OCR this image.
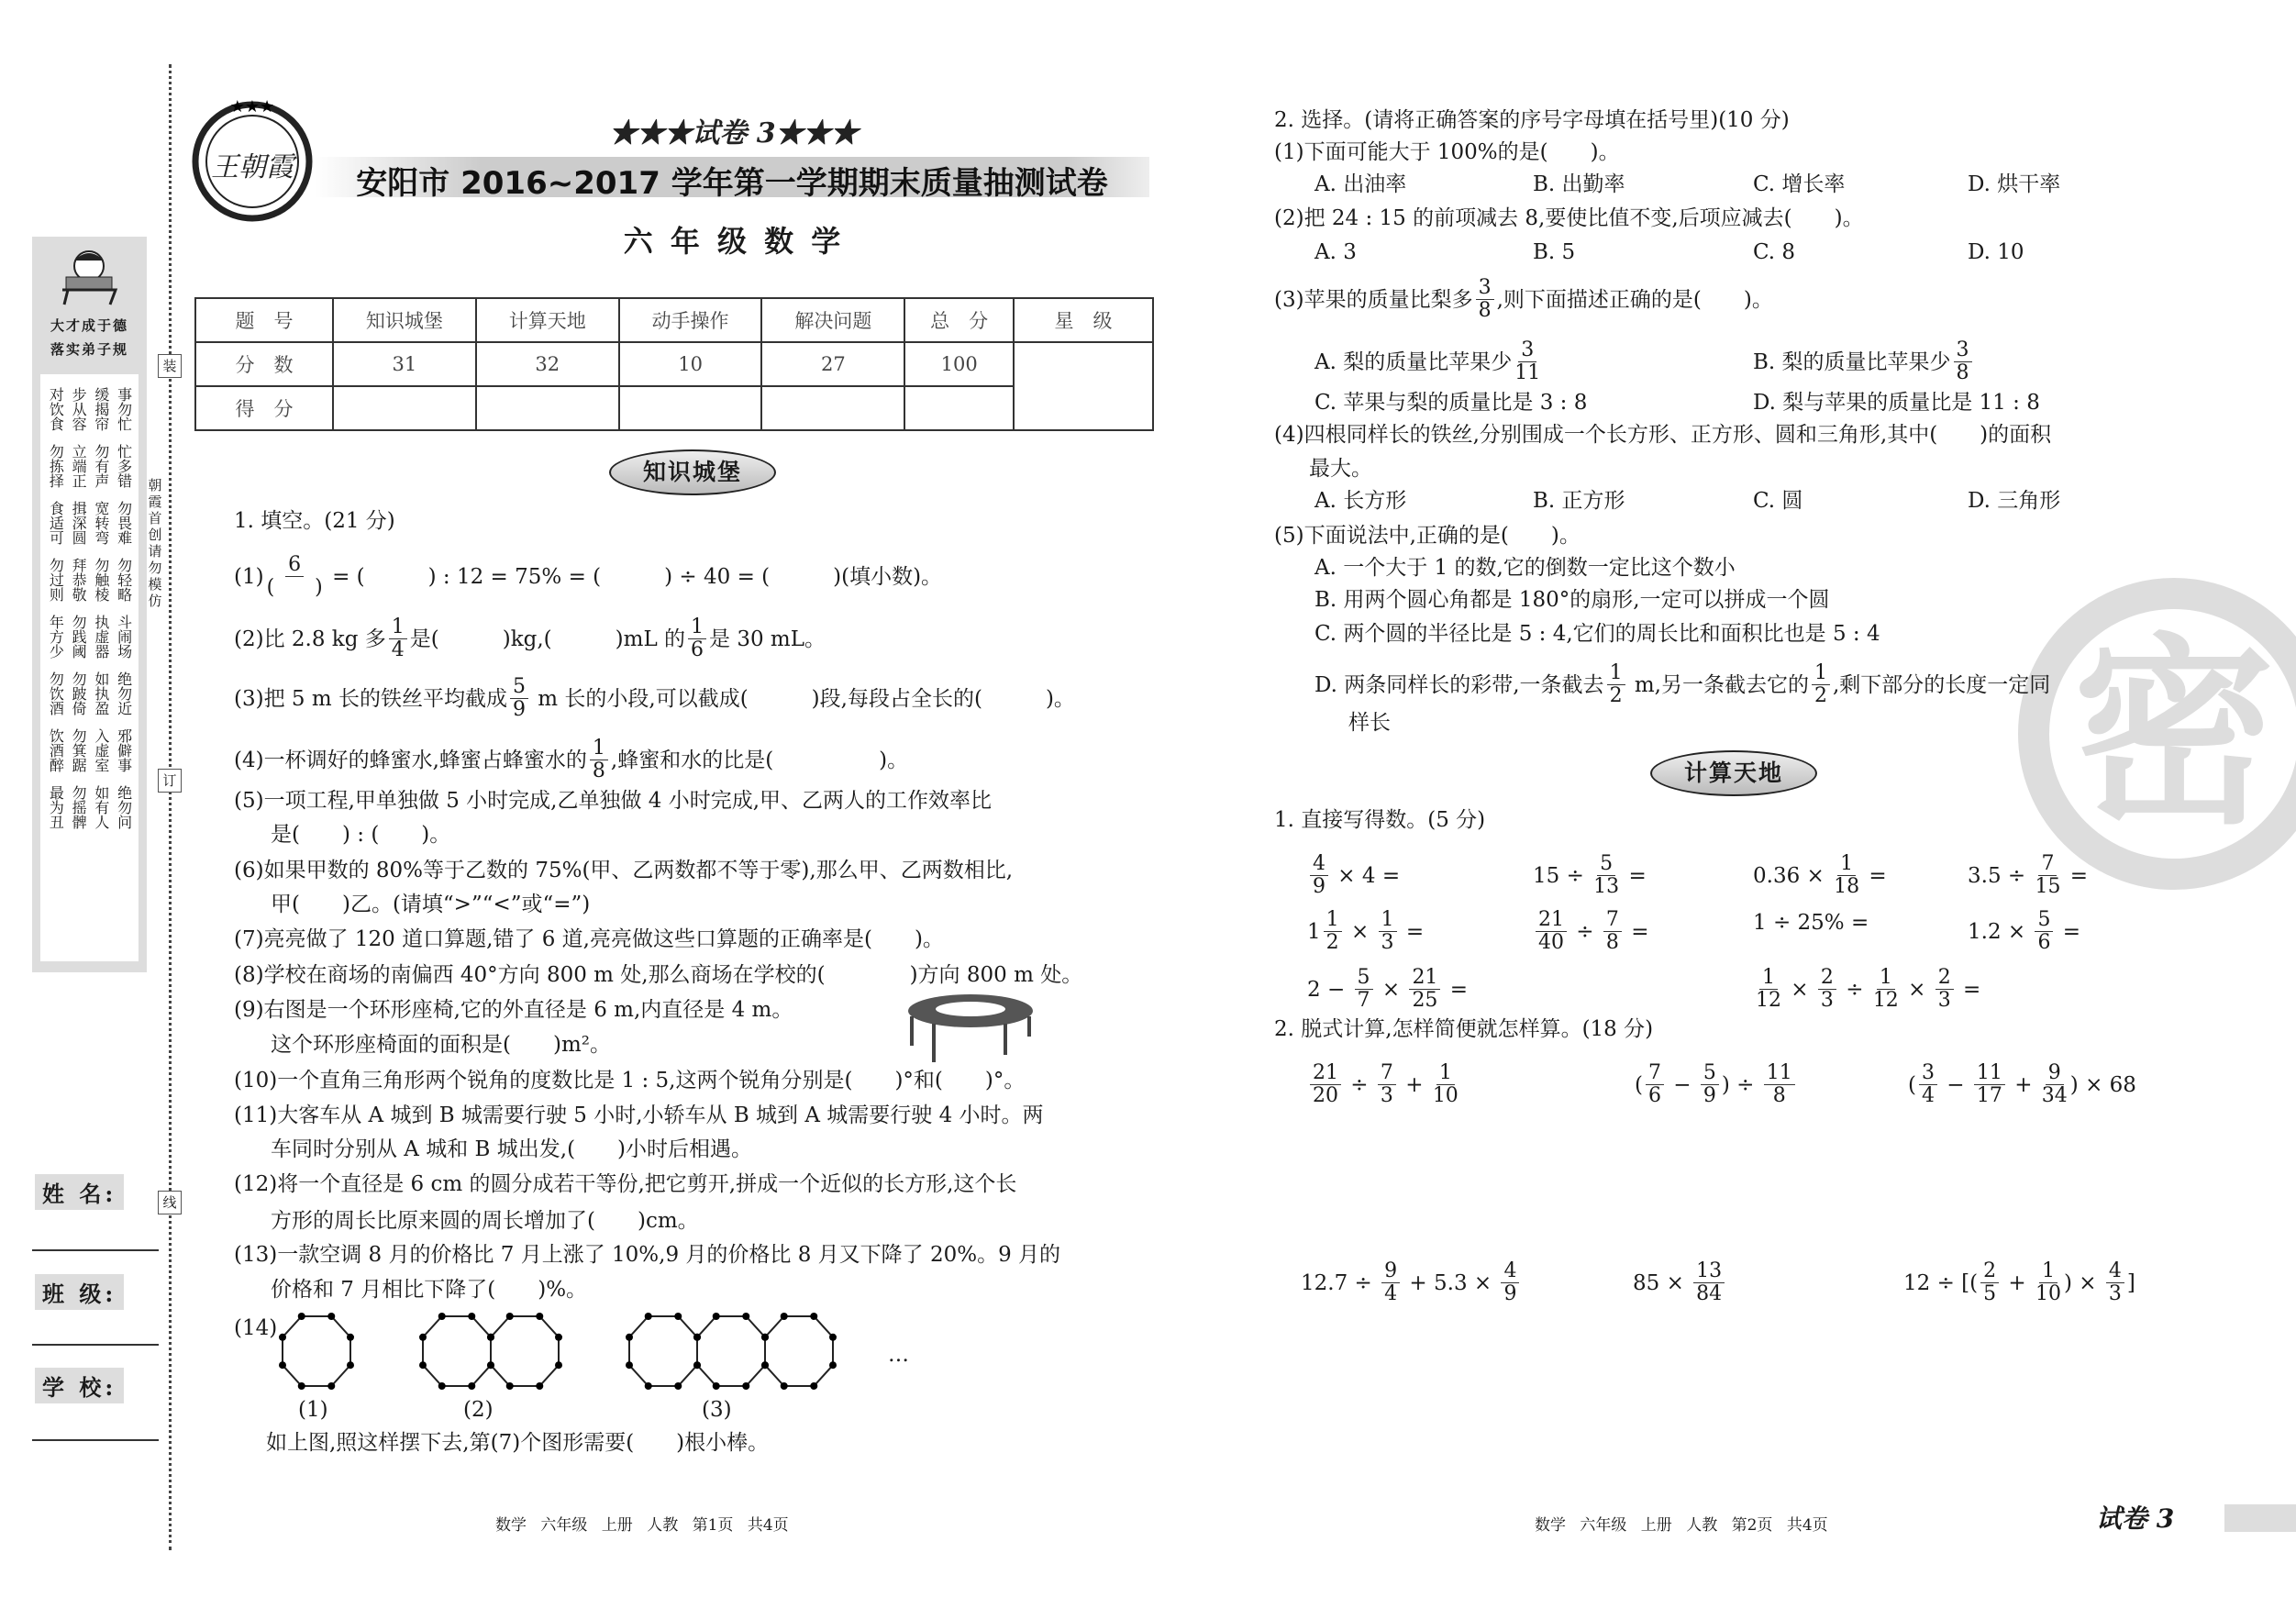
装
订
线
朝霞首创 请勿模仿
大才成于德
落实弟子规
事勿忙
缓揭帘
步从容
对饮食
忙多错
勿有声
立端正
勿拣择
勿畏难
宽转弯
揖深圆
食适可
勿轻略
勿触棱
拜恭敬
勿过则
斗闹场
执虚器
勿践阈
年方少
绝勿近
如执盈
勿跛倚
勿饮酒
邪僻事
入虚室
勿箕踞
饮酒醉
绝勿问
如有人
勿摇髀
最为丑
姓 名:
班 级:
学 校:
王朝霞
★★★
★★★试卷 3★★★
安阳市 2016~2017 学年第一学期期末质量抽测试卷
六 年 级 数 学
题　号	知识城堡	计算天地	动手操作	解决问题	总　分	星　级
分　数	31	32	10	27	100	
得　分						
知识城堡
1. 填空。(21 分)
$(1) \frac{6}{( )}$ = (　　　) : 12 = 75% = (　　　) ÷ 40 = (　　　)(填小数)。
(2)比 2.8 kg 多 $\frac{1}{4}$ 是(　　　)kg,(　　　)mL 的 $\frac{1}{6}$ 是 30 mL。
(3)把 5 m 长的铁丝平均截成 $\frac{5}{9}$ m 长的小段,可以截成(　　　)段,每段占全长的(　　　)。
(4)一杯调好的蜂蜜水,蜂蜜占蜂蜜水的 $\frac{1}{8}$ ,蜂蜜和水的比是(　　　　　)。
(5)一项工程,甲单独做 5 小时完成,乙单独做 4 小时完成,甲、乙两人的工作效率比
是(　　) : (　　)。
(6)如果甲数的 80%等于乙数的 75%(甲、乙两数都不等于零),那么甲、乙两数相比,
甲(　　)乙。(请填“>”“<”或“=”)
(7)亮亮做了 120 道口算题,错了 6 道,亮亮做这些口算题的正确率是(　　)。
(8)学校在商场的南偏西 40°方向 800 m 处,那么商场在学校的(　　　　)方向 800 m 处。
(9)右图是一个环形座椅,它的外直径是 6 m,内直径是 4 m。
这个环形座椅面的面积是(　　)m²。
(10)一个直角三角形两个锐角的度数比是 1 : 5,这两个锐角分别是(　　)°和(　　)°。
(11)大客车从 A 城到 B 城需要行驶 5 小时,小轿车从 B 城到 A 城需要行驶 4 小时。两
车同时分别从 A 城和 B 城出发,(　　)小时后相遇。
(12)将一个直径是 6 cm 的圆分成若干等份,把它剪开,拼成一个近似的长方形,这个长
方形的周长比原来圆的周长增加了(　　)cm。
(13)一款空调 8 月的价格比 7 月上涨了 10%,9 月的价格比 8 月又下降了 20%。9 月的
价格和 7 月相比下降了(　　)%。
(14)
(1)	(2)	(3)
…
如上图,照这样摆下去,第(7)个图形需要(　　)根小棒。
数学 六年级 上册 人教 第1页 共4页
密
2. 选择。(请将正确答案的序号字母填在括号里)(10 分)
(1)下面可能大于 100%的是(　　)。
A. 出油率	B. 出勤率	C. 增长率	D. 烘干率
(2)把 24 : 15 的前项减去 8,要使比值不变,后项应减去(　　)。
A. 3	B. 5	C. 8	D. 10
(3)苹果的质量比梨多 $\frac{3}{8}$ ,则下面描述正确的是(　　)。
A. 梨的质量比苹果少 $\frac{3}{11}$	B. 梨的质量比苹果少 $\frac{3}{8}$
C. 苹果与梨的质量比是 3 : 8	D. 梨与苹果的质量比是 11 : 8
(4)四根同样长的铁丝,分别围成一个长方形、正方形、圆和三角形,其中(　　)的面积
最大。
A. 长方形	B. 正方形	C. 圆	D. 三角形
(5)下面说法中,正确的是(　　)。
A. 一个大于 1 的数,它的倒数一定比这个数小
B. 用两个圆心角都是 180°的扇形,一定可以拼成一个圆
C. 两个圆的半径比是 5 : 4,它们的周长比和面积比也是 5 : 4
D. 两条同样长的彩带,一条截去 $\frac{1}{2} m$,另一条截去它的 $\frac{1}{2}$ ,剩下部分的长度一定同
样长
计算天地
1. 直接写得数。(5 分)
$\frac{4}{9} \times 4$ =	$15 \div \frac{5}{13}$ =	$0.36 \times \frac{1}{18}$ =	$3.5 \div \frac{7}{15}$ =
$1 \frac{1}{2} \times \frac{1}{3}$ =	$\frac{21}{40} \div \frac{7}{8}$ =	1 ÷ 25% =	$1.2 \times \frac{5}{6}$ =
$2 - \frac{5}{7} \times \frac{21}{25}$ =	$\frac{1}{12} \times \frac{2}{3} \div \frac{1}{12} \times \frac{2}{3}$ =
2. 脱式计算,怎样简便就怎样算。(18 分)
$\frac{21}{20} \div \frac{7}{3} + \frac{1}{10}$	( $\frac{7}{6} - \frac{5}{9}$ ) ÷ $\frac{11}{8}$	( $\frac{3}{4} - \frac{11}{17} + \frac{9}{34}$ ) × 68
$12.7 \div \frac{9}{4} + 5.3 \times \frac{4}{9}$	$85 \times \frac{13}{84}$	12 ÷ [( $\frac{2}{5} + \frac{1}{10}$ ) × $\frac{4}{3}$ ]
数学 六年级 上册 人教 第2页 共4页	试卷 3
